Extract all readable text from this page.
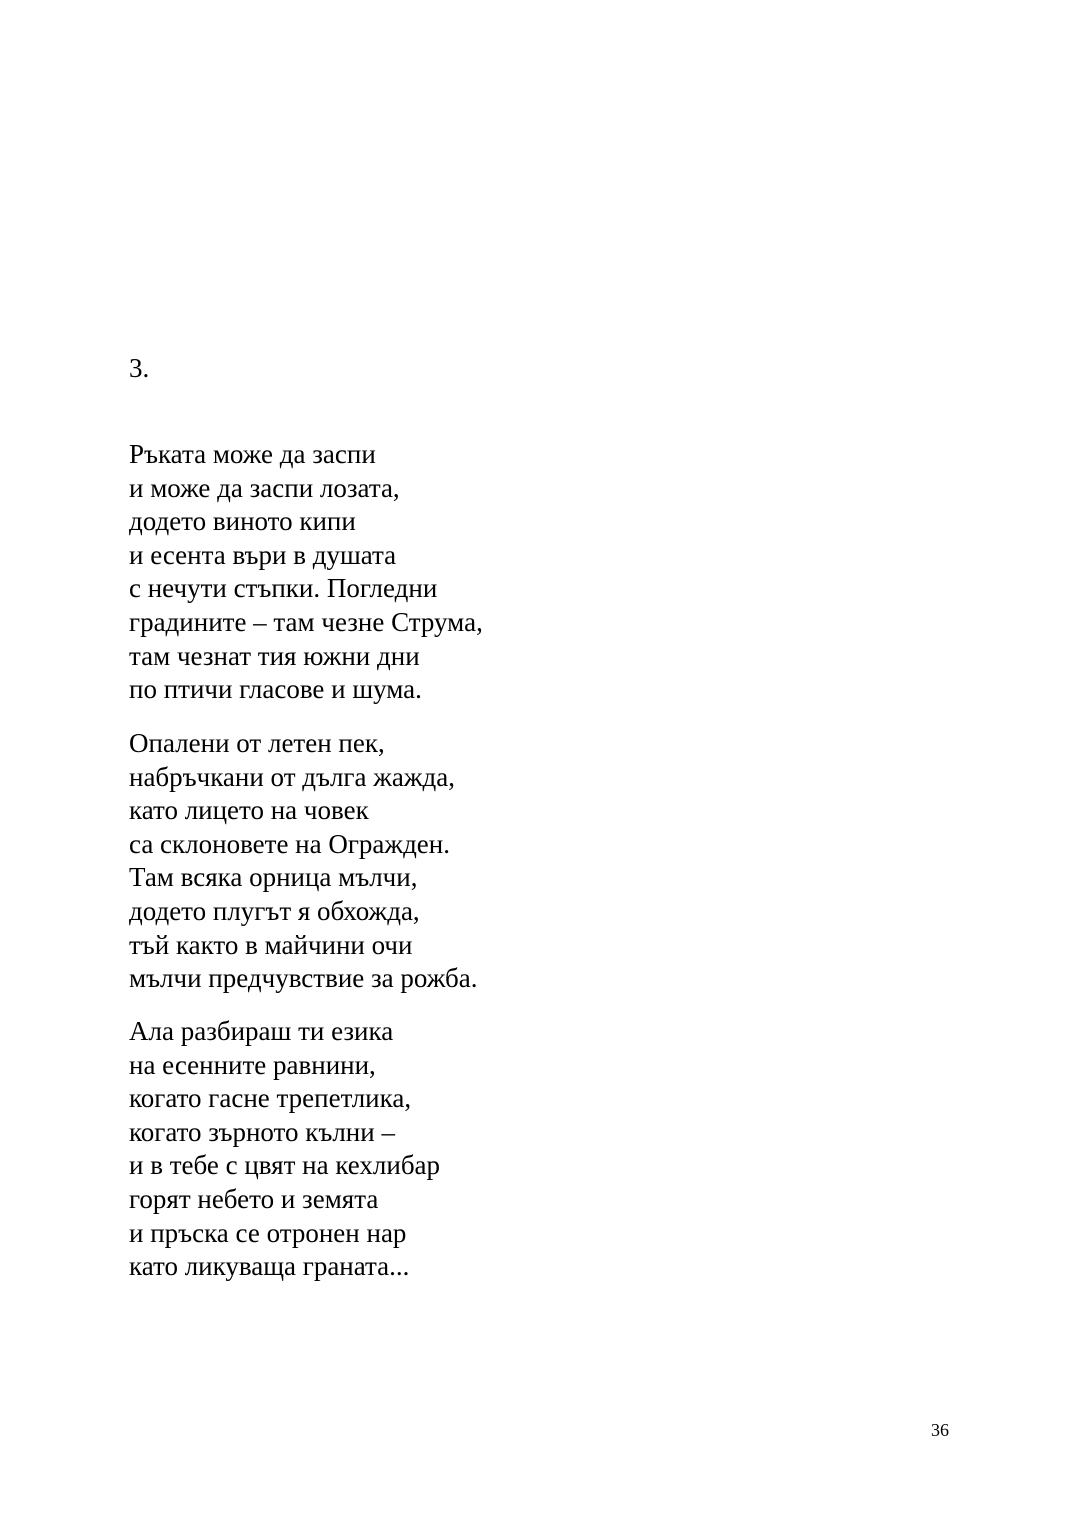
3.
Ръката може да заспи
и може да заспи лозата,
додето виното кипи
и есента въри в душата
с нечути стъпки. Погледни
градините – там чезне Струма,
там чезнат тия южни дни
по птичи гласове и шума.
Опалени от летен пек,
набръчкани от дълга жажда,
като лицето на човек
са склоновете на Огражден.
Там всяка орница мълчи,
додето плугът я обхожда,
тъй както в майчини очи
мълчи предчувствие за рожба.
Ала разбираш ти езика
на есенните равнини,
когато гасне трепетлика,
когато зърното кълни –
и в тебе с цвят на кехлибар
горят небето и земята
и пръска се отронен нар
като ликуваща граната...
36
